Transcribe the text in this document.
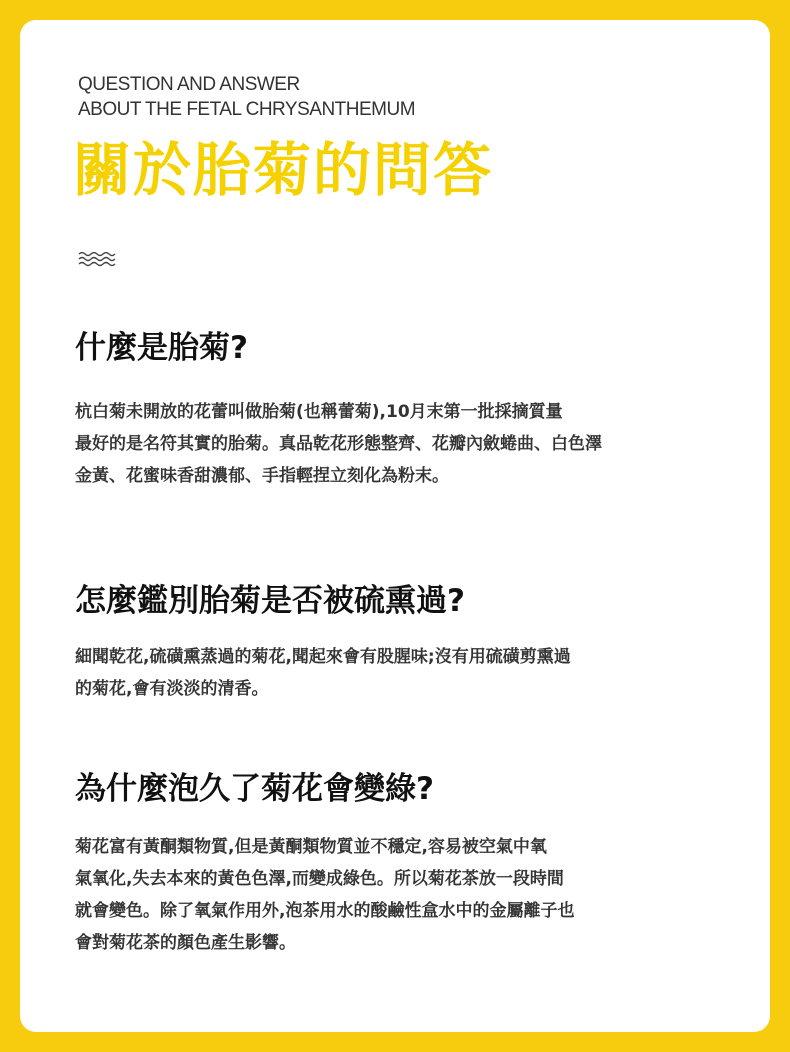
QUESTION AND ANSWER
ABOUT THE FETAL CHRYSANTHEMUM
關於胎菊的問答
什麼是胎菊?

杭白菊未開放的花蕾叫做胎菊(也稱蕾菊),10月末第一批採摘質量
最好的是名符其實的胎菊。真品乾花形態整齊、花瓣內斂蜷曲、白色澤
金黃、花蜜味香甜濃郁、手指輕捏立刻化為粉末。

怎麼鑑別胎菊是否被硫熏過?

細聞乾花,硫磺熏蒸過的菊花,聞起來會有股腥味;沒有用硫磺剪熏過
的菊花,會有淡淡的清香。

為什麼泡久了菊花會變綠?

菊花富有黃酮類物質,但是黃酮類物質並不穩定,容易被空氣中氧
氣氧化,失去本來的黃色色澤,而變成綠色。所以菊花茶放一段時間
就會變色。除了氧氣作用外,泡茶用水的酸鹼性盒水中的金屬離子也
會對菊花茶的顏色產生影響。
